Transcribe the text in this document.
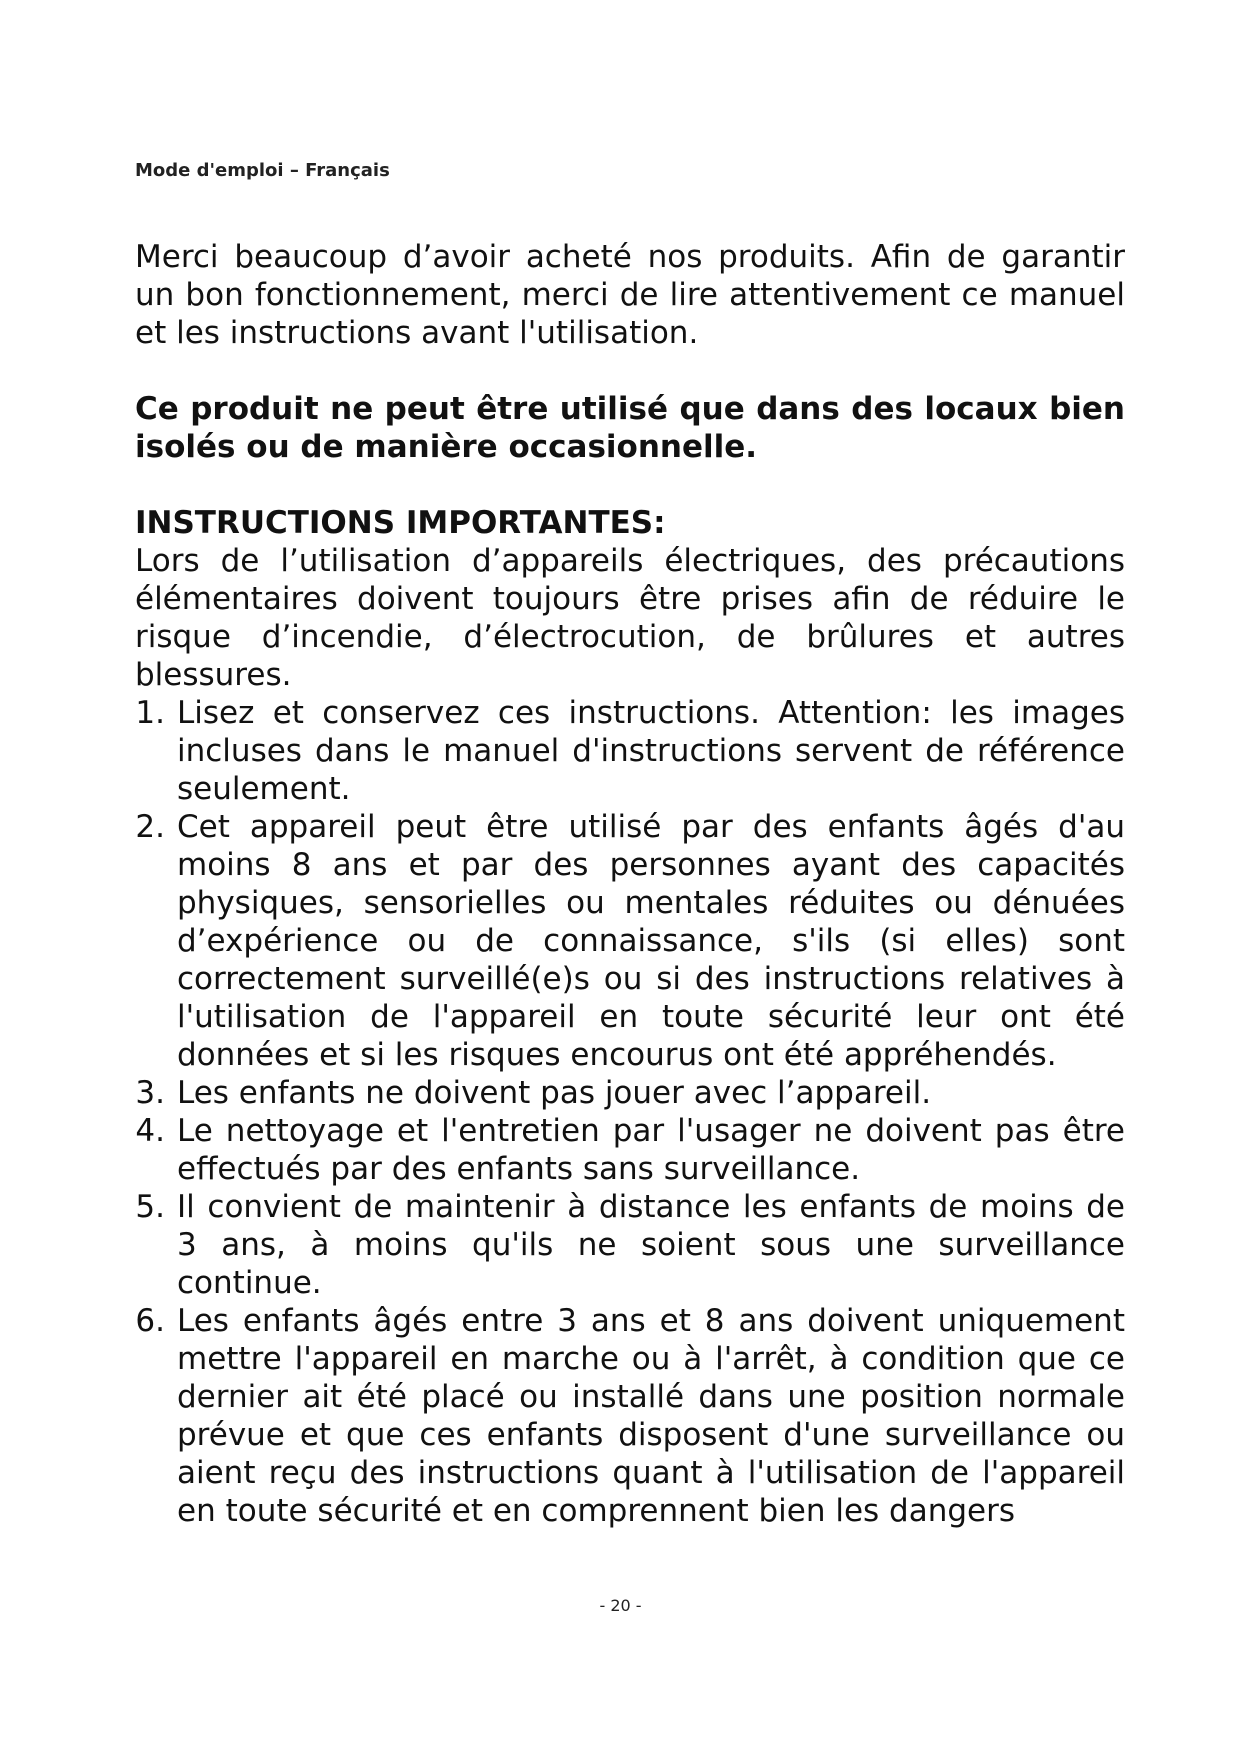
Mode d'emploi – Français

Merci beaucoup d’avoir acheté nos produits. Afin de garantir un bon fonctionnement, merci de lire attentivement ce manuel et les instructions avant l'utilisation.

Ce produit ne peut être utilisé que dans des locaux bien isolés ou de manière occasionnelle.

INSTRUCTIONS IMPORTANTES:

Lors de l’utilisation d’appareils électriques, des précautions élémentaires doivent toujours être prises afin de réduire le risque d’incendie, d’électrocution, de brûlures et autres blessures.

1. Lisez et conservez ces instructions. Attention: les images incluses dans le manuel d'instructions servent de référence seulement.
2. Cet appareil peut être utilisé par des enfants âgés d'au moins 8 ans et par des personnes ayant des capacités physiques, sensorielles ou mentales réduites ou dénuées d’expérience ou de connaissance, s'ils (si elles) sont correctement surveillé(e)s ou si des instructions relatives à l'utilisation de l'appareil en toute sécurité leur ont été données et si les risques encourus ont été appréhendés.
3. Les enfants ne doivent pas jouer avec l’appareil.
4. Le nettoyage et l'entretien par l'usager ne doivent pas être effectués par des enfants sans surveillance.
5. Il convient de maintenir à distance les enfants de moins de 3 ans, à moins qu'ils ne soient sous une surveillance continue.
6. Les enfants âgés entre 3 ans et 8 ans doivent uniquement mettre l'appareil en marche ou à l'arrêt, à condition que ce dernier ait été placé ou installé dans une position normale prévue et que ces enfants disposent d'une surveillance ou aient reçu des instructions quant à l'utilisation de l'appareil en toute sécurité et en comprennent bien les dangers
- 20 -
